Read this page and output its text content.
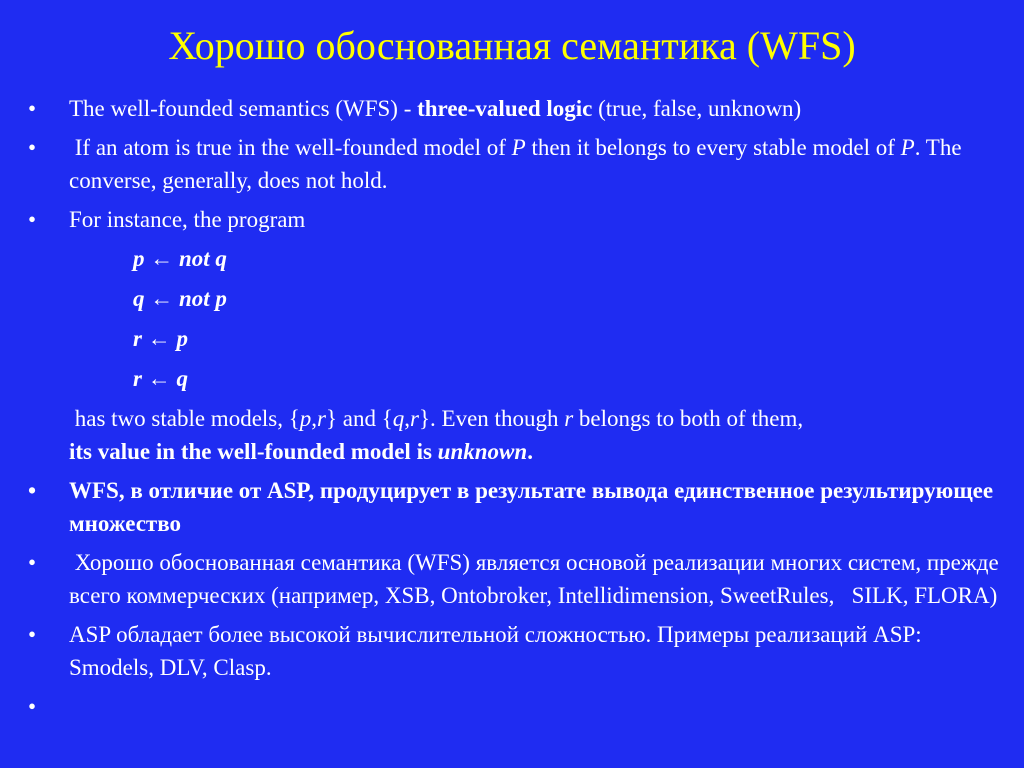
Хорошо обоснованная семантика (WFS)
• The well-founded semantics (WFS) - three-valued logic (true, false, unknown)
• If an atom is true in the well-founded model of P then it belongs to every stable model of P. The converse, generally, does not hold.
• For instance, the program
p ← not q
q ← not p
r ← p
r ← q
has two stable models, {p,r} and {q,r}. Even though r belongs to both of them,
its value in the well-founded model is unknown.
• WFS, в отличие от ASP, продуцирует в результате вывода единственное результирующее множество
• Хорошо обоснованная семантика (WFS) является основой реализации многих систем, прежде всего коммерческих (например, XSB, Ontobroker, Intellidimension, SweetRules,   SILK, FLORA)
• ASP обладает более высокой вычислительной сложностью. Примеры реализаций ASP: Smodels, DLV, Clasp.
•
